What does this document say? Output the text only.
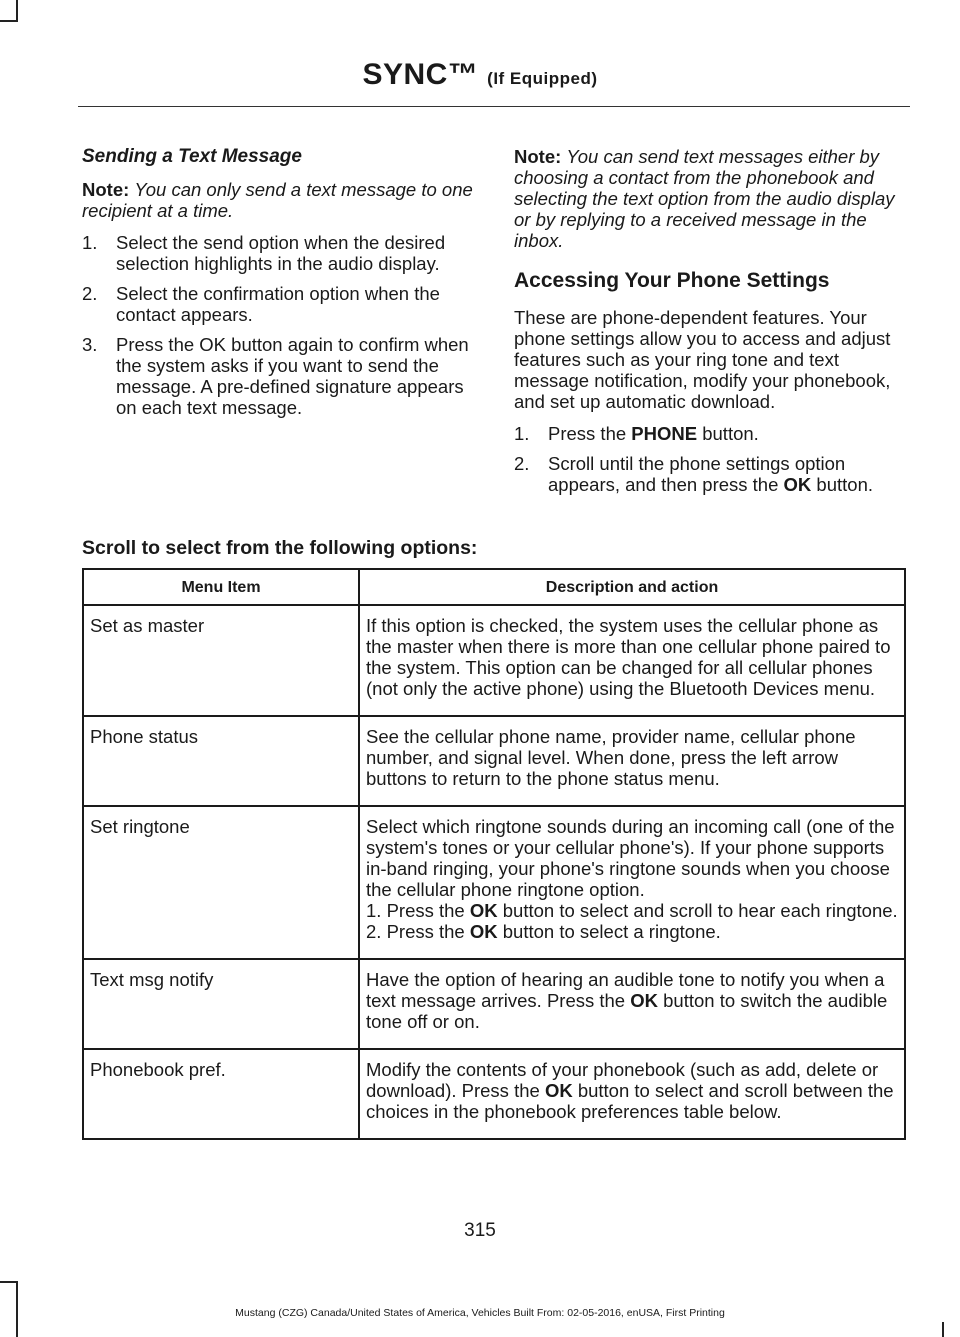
SYNC™ (If Equipped)

Sending a Text Message

Note: You can only send a text message to one recipient at a time.

1. Select the send option when the desired selection highlights in the audio display.
2. Select the confirmation option when the contact appears.
3. Press the OK button again to confirm when the system asks if you want to send the message. A pre-defined signature appears on each text message.

Note: You can send text messages either by choosing a contact from the phonebook and selecting the text option from the audio display or by replying to a received message in the inbox.

Accessing Your Phone Settings

These are phone-dependent features. Your phone settings allow you to access and adjust features such as your ring tone and text message notification, modify your phonebook, and set up automatic download.

1. Press the PHONE button.
2. Scroll until the phone settings option appears, and then press the OK button.
Scroll to select from the following options:
Menu Item	Description and action
Set as master	If this option is checked, the system uses the cellular phone as the master when there is more than one cellular phone paired to the system. This option can be changed for all cellular phones (not only the active phone) using the Bluetooth Devices menu.
Phone status	See the cellular phone name, provider name, cellular phone number, and signal level. When done, press the left arrow buttons to return to the phone status menu.
Set ringtone	Select which ringtone sounds during an incoming call (one of the system's tones or your cellular phone's). If your phone supports in-band ringing, your phone's ringtone sounds when you choose the cellular phone ringtone option.
1. Press the OK button to select and scroll to hear each ringtone.
2. Press the OK button to select a ringtone.

Text msg notify	Have the option of hearing an audible tone to notify you when a text message arrives. Press the OK button to switch the audible tone off or on.
Phonebook pref.	Modify the contents of your phonebook (such as add, delete or download). Press the OK button to select and scroll between the choices in the phonebook preferences table below.
315
Mustang (CZG) Canada/United States of America, Vehicles Built From: 02-05-2016, enUSA, First Printing
